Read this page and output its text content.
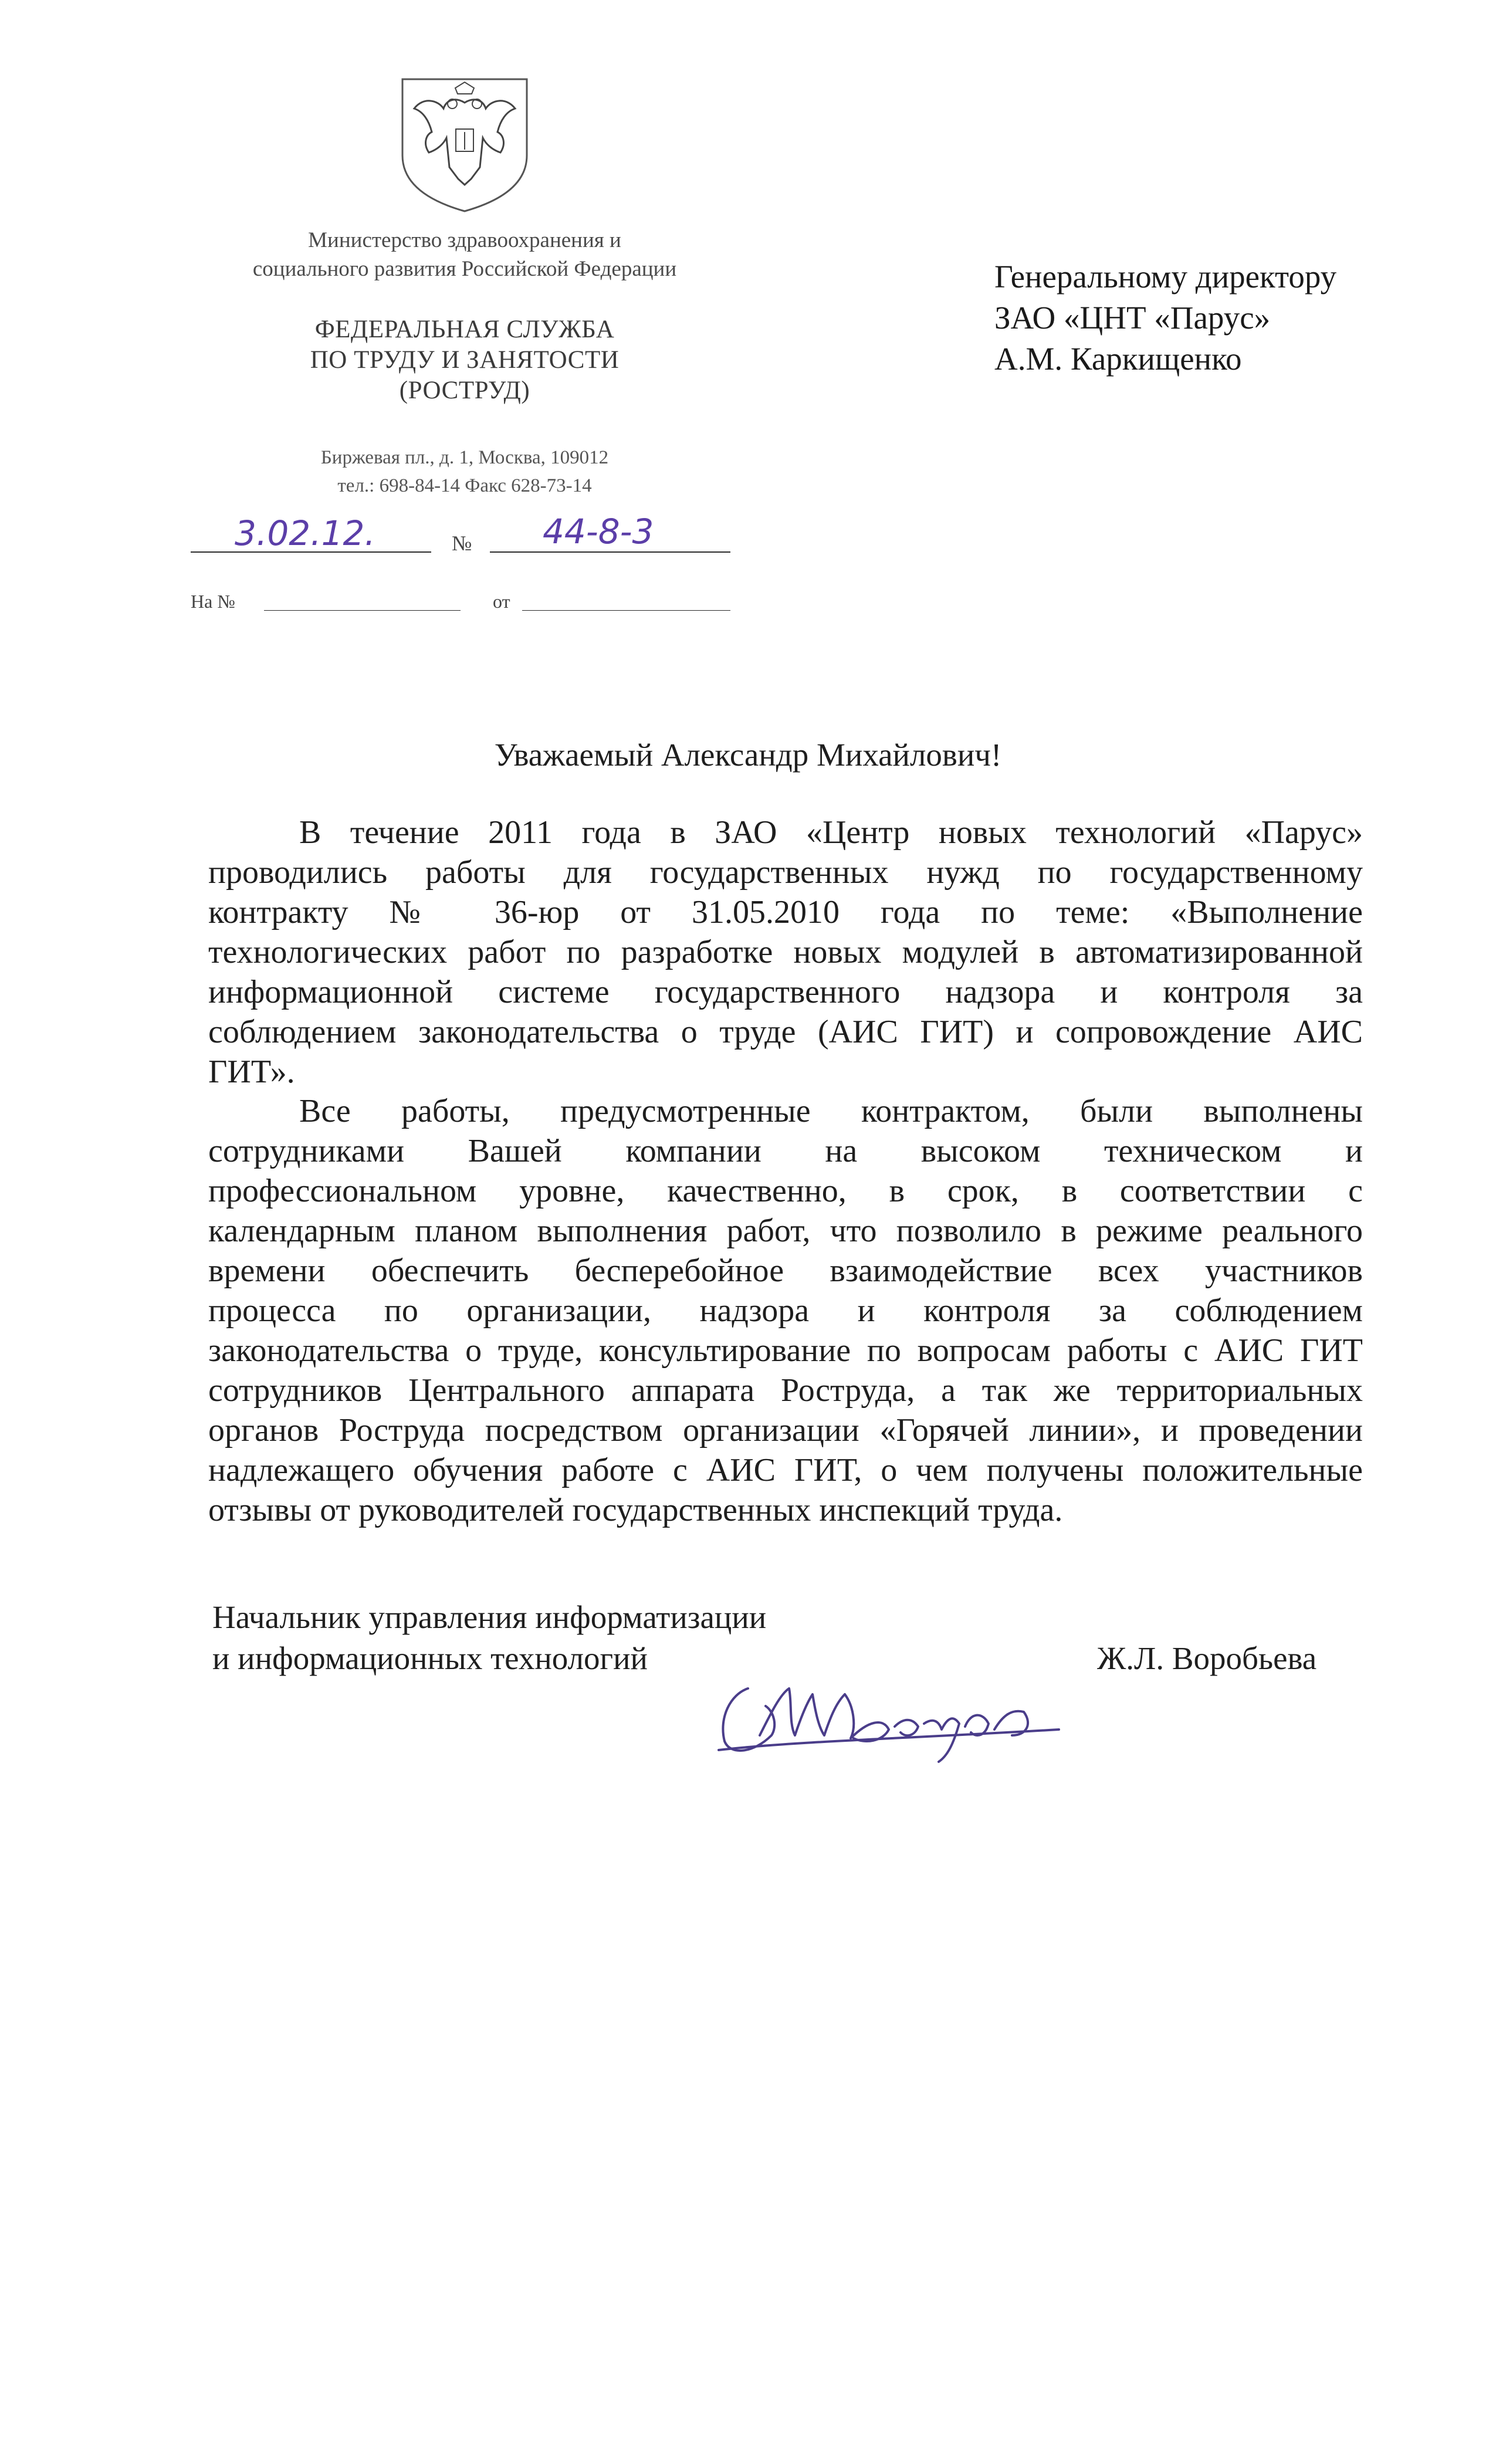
Министерство здравоохранения и
социального развития Российской Федерации
ФЕДЕРАЛЬНАЯ СЛУЖБА
ПО ТРУДУ И ЗАНЯТОСТИ
(РОСТРУД)
Биржевая пл., д. 1, Москва, 109012
тел.: 698-84-14 Факс 628-73-14
3.02.12.	№ 44-8-3
На №	от
Генеральному директору
ЗАО «ЦНТ «Парус»
А.М. Каркищенко
Уважаемый Александр Михайлович!
В течение 2011 года в ЗАО «Центр новых технологий «Парус»
проводились работы для государственных нужд по государственному
контракту № 36-юр от 31.05.2010 года по теме: «Выполнение
технологических работ по разработке новых модулей в автоматизированной
информационной системе государственного надзора и контроля за
соблюдением законодательства о труде (АИС ГИТ) и сопровождение АИС
ГИТ».
Все работы, предусмотренные контрактом, были выполнены
сотрудниками Вашей компании на высоком техническом и
профессиональном уровне, качественно, в срок, в соответствии с
календарным планом выполнения работ, что позволило в режиме реального
времени обеспечить бесперебойное взаимодействие всех участников
процесса по организации, надзора и контроля за соблюдением
законодательства о труде, консультирование по вопросам работы с АИС ГИТ
сотрудников Центрального аппарата Роструда, а так же территориальных
органов Роструда посредством организации «Горячей линии», и проведении
надлежащего обучения работе с АИС ГИТ, о чем получены положительные
отзывы от руководителей государственных инспекций труда.
Начальник управления информатизации
и информационных технологий	Ж.Л. Воробьева
